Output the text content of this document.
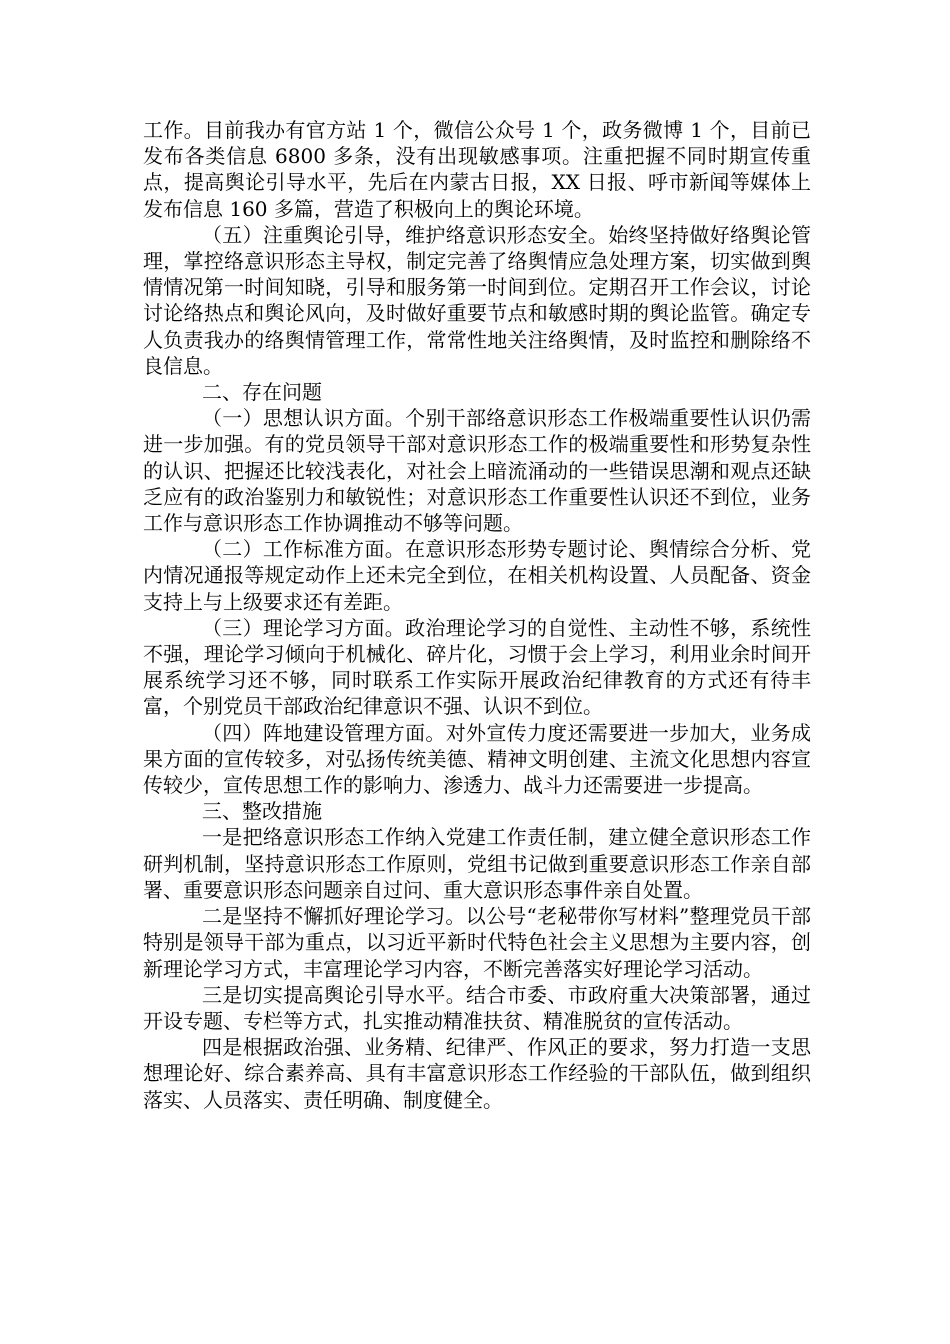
工作。目前我办有官方站 1 个，微信公众号 1 个，政务微博 1 个，目前已发布各类信息 6800 多条，没有出现敏感事项。注重把握不同时期宣传重点，提高舆论引导水平，先后在内蒙古日报，XX 日报、呼市新闻等媒体上发布信息 160 多篇，营造了积极向上的舆论环境。

（五）注重舆论引导，维护络意识形态安全。始终坚持做好络舆论管理，掌控络意识形态主导权，制定完善了络舆情应急处理方案，切实做到舆情情况第一时间知晓，引导和服务第一时间到位。定期召开工作会议，讨论讨论络热点和舆论风向，及时做好重要节点和敏感时期的舆论监管。确定专人负责我办的络舆情管理工作，常常性地关注络舆情，及时监控和删除络不良信息。

二、存在问题

（一）思想认识方面。个别干部络意识形态工作极端重要性认识仍需进一步加强。有的党员领导干部对意识形态工作的极端重要性和形势复杂性的认识、把握还比较浅表化，对社会上暗流涌动的一些错误思潮和观点还缺乏应有的政治鉴别力和敏锐性；对意识形态工作重要性认识还不到位，业务工作与意识形态工作协调推动不够等问题。

（二）工作标准方面。在意识形态形势专题讨论、舆情综合分析、党内情况通报等规定动作上还未完全到位，在相关机构设置、人员配备、资金支持上与上级要求还有差距。

（三）理论学习方面。政治理论学习的自觉性、主动性不够，系统性不强，理论学习倾向于机械化、碎片化，习惯于会上学习，利用业余时间开展系统学习还不够，同时联系工作实际开展政治纪律教育的方式还有待丰富，个别党员干部政治纪律意识不强、认识不到位。

（四）阵地建设管理方面。对外宣传力度还需要进一步加大，业务成果方面的宣传较多，对弘扬传统美德、精神文明创建、主流文化思想内容宣传较少，宣传思想工作的影响力、渗透力、战斗力还需要进一步提高。

三、整改措施

一是把络意识形态工作纳入党建工作责任制，建立健全意识形态工作研判机制，坚持意识形态工作原则，党组书记做到重要意识形态工作亲自部署、重要意识形态问题亲自过问、重大意识形态事件亲自处置。

二是坚持不懈抓好理论学习。以公号“老秘带你写材料”整理党员干部特别是领导干部为重点，以习近平新时代特色社会主义思想为主要内容，创新理论学习方式，丰富理论学习内容，不断完善落实好理论学习活动。

三是切实提高舆论引导水平。结合市委、市政府重大决策部署，通过开设专题、专栏等方式，扎实推动精准扶贫、精准脱贫的宣传活动。

四是根据政治强、业务精、纪律严、作风正的要求，努力打造一支思想理论好、综合素养高、具有丰富意识形态工作经验的干部队伍，做到组织落实、人员落实、责任明确、制度健全。
